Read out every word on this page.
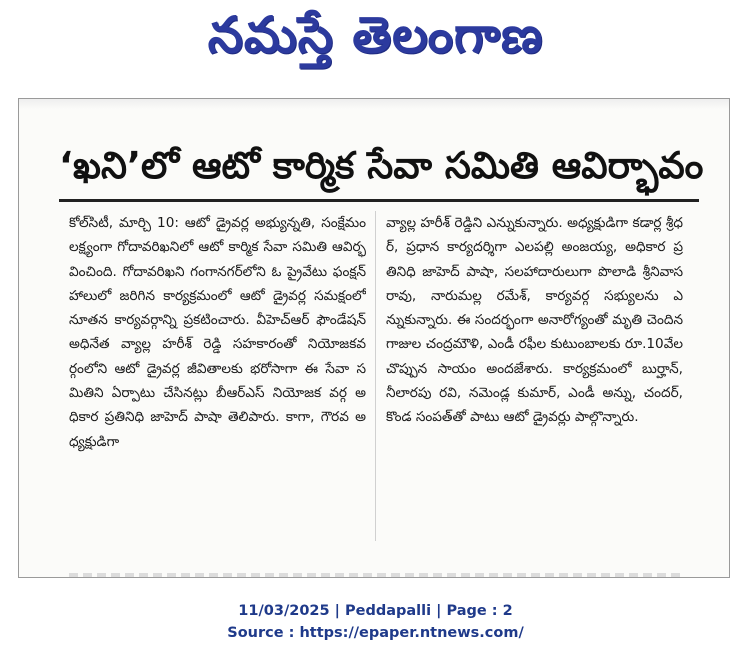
నమస్తే తెలంగాణ
‘ఖని’లో ఆటో కార్మిక సేవా సమితి ఆవిర్భావం

కోల్‌సిటీ, మార్చి 10: ఆటో డ్రైవర్ల అభ్యున్నతి, సంక్షేమం లక్ష్యంగా గోదావరిఖనిలో ఆటో కార్మిక సేవా సమితి ఆవిర్భవించింది. గోదావరిఖని గంగానగర్‌లోని ఓ ప్రైవేటు ఫంక్షన్ హాలులో జరిగిన కార్యక్రమంలో ఆటో డ్రైవర్ల సమక్షంలో నూతన కార్యవర్గాన్ని ప్రకటించారు. వీహెచ్‌ఆర్ ఫౌండేషన్ అధినేత వ్యాల్ల హరీశ్ రెడ్డి సహకారంతో నియోజకవర్గంలోని ఆటో డ్రైవర్ల జీవితాలకు భరోసాగా ఈ సేవా సమితిని ఏర్పాటు చేసినట్లు బీఆర్‌ఎస్ నియోజక వర్గ అధికార ప్రతినిధి జాహెద్ పాషా తెలిపారు. కాగా, గౌరవ అధ్యక్షుడిగా

వ్యాల్ల హరీశ్ రెడ్డిని ఎన్నుకున్నారు. అధ్యక్షుడిగా కడార్ల శ్రీధర్, ప్రధాన కార్యదర్శిగా ఎలపల్లి అంజయ్య, అధికార ప్రతినిధి జాహెద్ పాషా, సలహాదారులుగా పొలాడి శ్రీనివాస రావు, నారుమల్ల రమేశ్, కార్యవర్గ సభ్యులను ఎన్నుకున్నారు. ఈ సందర్భంగా అనారోగ్యంతో మృతి చెందిన గాజుల చంద్రమౌళి, ఎండీ రఫీల కుటుంబాలకు రూ.10వేల చొప్పున సాయం అందజేశారు. కార్యక్రమంలో బుర్హాన్, నీలారపు రవి, నమెండ్ల కుమార్, ఎండీ అన్ను, చందర్, కొండ సంపత్‌తో పాటు ఆటో డ్రైవర్లు పాల్గొన్నారు.

11/03/2025 | Peddapalli | Page : 2
Source : https://epaper.ntnews.com/
